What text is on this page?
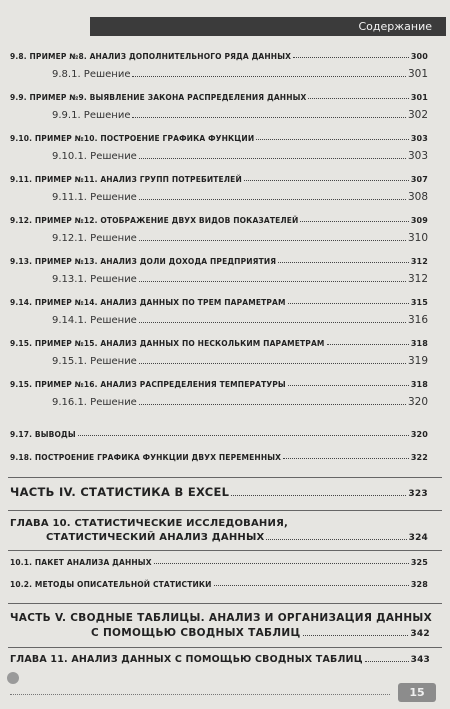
Содержание
9.8. ПРИМЕР №8. АНАЛИЗ ДОПОЛНИТЕЛЬНОГО РЯДА ДАННЫХ	300
9.8.1. Решение	301
9.9. ПРИМЕР №9. ВЫЯВЛЕНИЕ ЗАКОНА РАСПРЕДЕЛЕНИЯ ДАННЫХ	301
9.9.1. Решение	302
9.10. ПРИМЕР №10. ПОСТРОЕНИЕ ГРАФИКА ФУНКЦИИ	303
9.10.1. Решение	303
9.11. ПРИМЕР №11. АНАЛИЗ ГРУПП ПОТРЕБИТЕЛЕЙ	307
9.11.1. Решение	308
9.12. ПРИМЕР №12. ОТОБРАЖЕНИЕ ДВУХ ВИДОВ ПОКАЗАТЕЛЕЙ	309
9.12.1. Решение	310
9.13. ПРИМЕР №13. АНАЛИЗ ДОЛИ ДОХОДА ПРЕДПРИЯТИЯ	312
9.13.1. Решение	312
9.14. ПРИМЕР №14. АНАЛИЗ ДАННЫХ ПО ТРЕМ ПАРАМЕТРАМ	315
9.14.1. Решение	316
9.15. ПРИМЕР №15. АНАЛИЗ ДАННЫХ ПО НЕСКОЛЬКИМ ПАРАМЕТРАМ	318
9.15.1. Решение	319
9.15. ПРИМЕР №16. АНАЛИЗ РАСПРЕДЕЛЕНИЯ ТЕМПЕРАТУРЫ	318
9.16.1. Решение	320
9.17. ВЫВОДЫ	320
9.18. ПОСТРОЕНИЕ ГРАФИКА ФУНКЦИИ ДВУХ ПЕРЕМЕННЫХ	322
ЧАСТЬ IV. СТАТИСТИКА В EXCEL	323
ГЛАВА 10. СТАТИСТИЧЕСКИЕ ИССЛЕДОВАНИЯ,
СТАТИСТИЧЕСКИЙ АНАЛИЗ ДАННЫХ	324
10.1. ПАКЕТ АНАЛИЗА ДАННЫХ	325
10.2. МЕТОДЫ ОПИСАТЕЛЬНОЙ СТАТИСТИКИ	328
ЧАСТЬ V. СВОДНЫЕ ТАБЛИЦЫ. АНАЛИЗ И ОРГАНИЗАЦИЯ ДАННЫХ
С ПОМОЩЬЮ СВОДНЫХ ТАБЛИЦ	342
ГЛАВА 11. АНАЛИЗ ДАННЫХ С ПОМОЩЬЮ СВОДНЫХ ТАБЛИЦ	343
15
